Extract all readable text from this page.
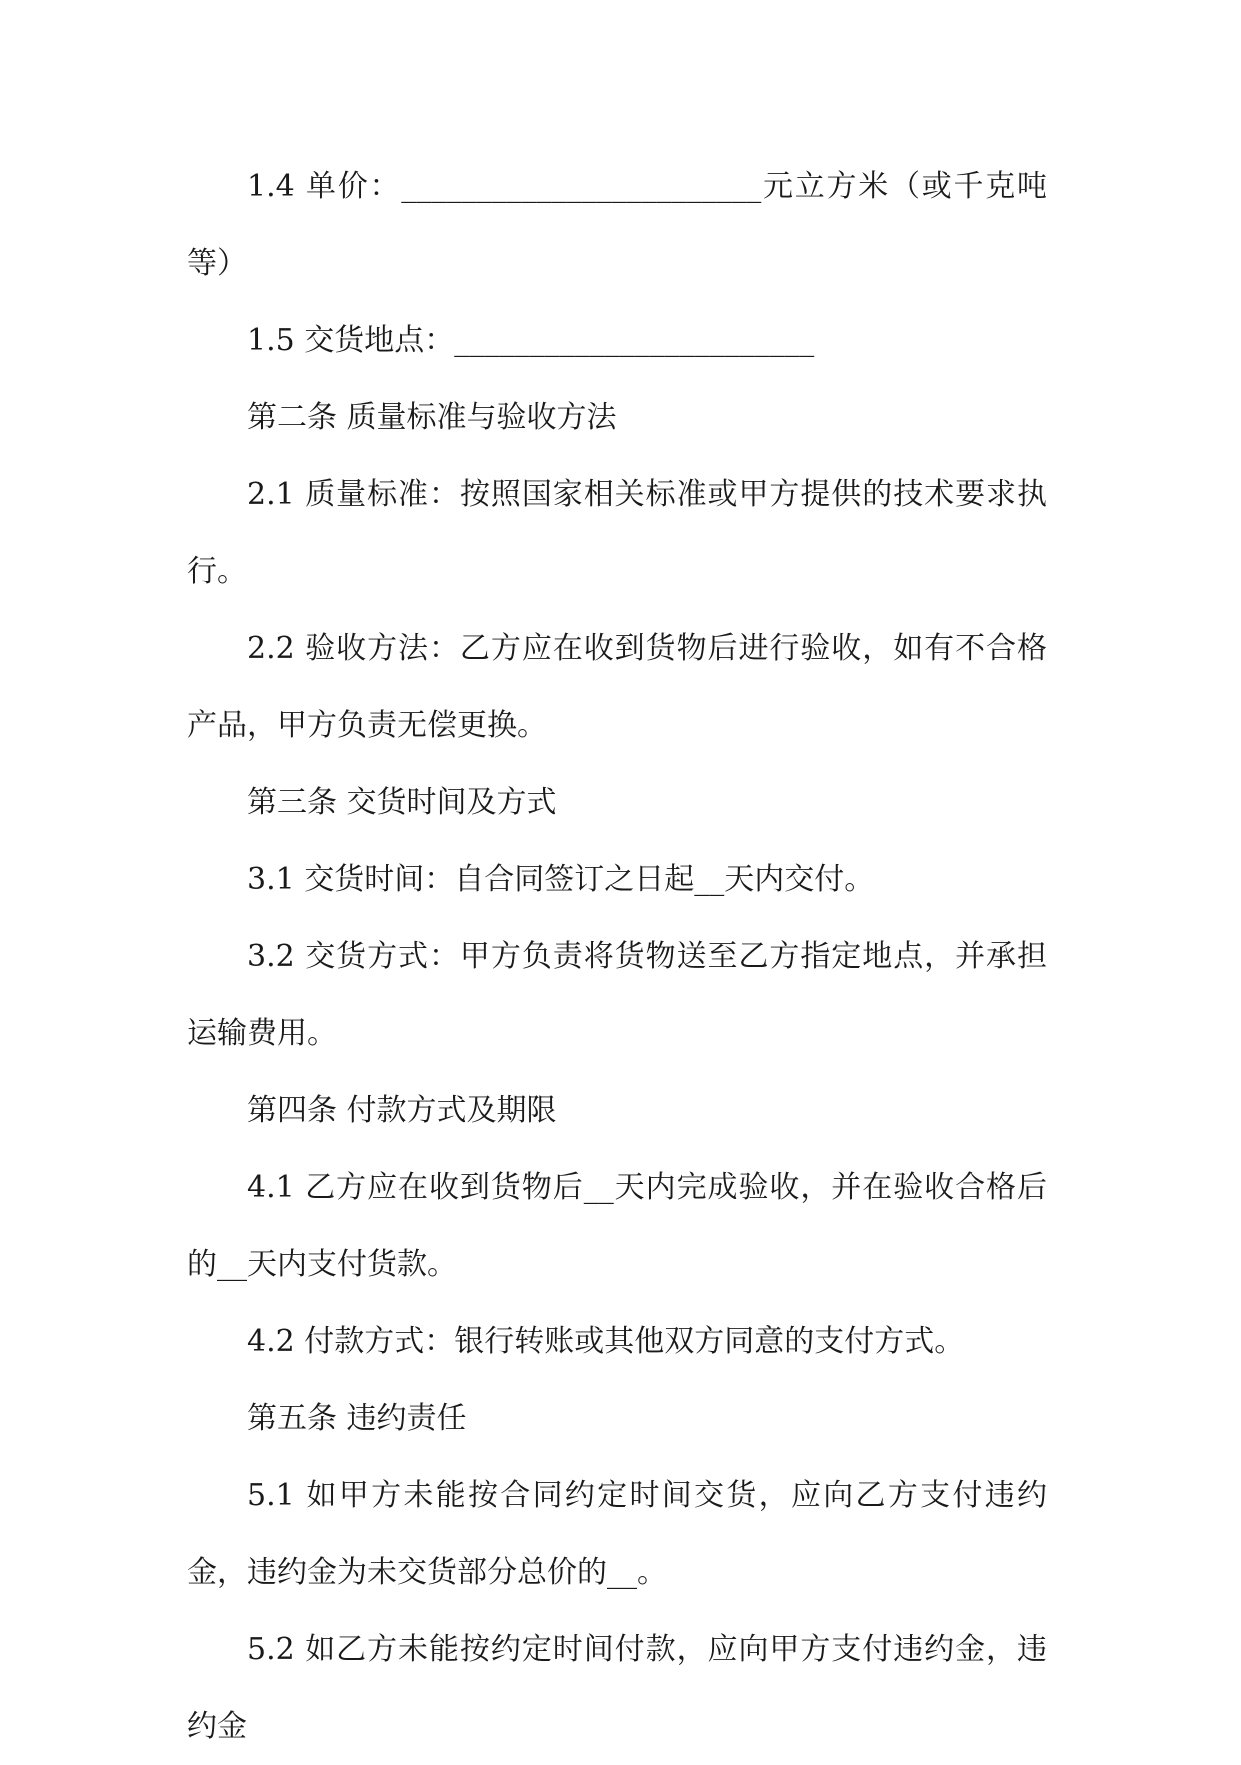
1.4 单价：________________________元立方米（或千克吨等）

1.5 交货地点：________________________

第二条 质量标准与验收方法

2.1 质量标准：按照国家相关标准或甲方提供的技术要求执行。

2.2 验收方法：乙方应在收到货物后进行验收，如有不合格产品，甲方负责无偿更换。

第三条 交货时间及方式

3.1 交货时间：自合同签订之日起__天内交付。

3.2 交货方式：甲方负责将货物送至乙方指定地点，并承担运输费用。

第四条 付款方式及期限

4.1 乙方应在收到货物后__天内完成验收，并在验收合格后的__天内支付货款。

4.2 付款方式：银行转账或其他双方同意的支付方式。

第五条 违约责任

5.1 如甲方未能按合同约定时间交货，应向乙方支付违约金，违约金为未交货部分总价的__。

5.2 如乙方未能按约定时间付款，应向甲方支付违约金，违约金
